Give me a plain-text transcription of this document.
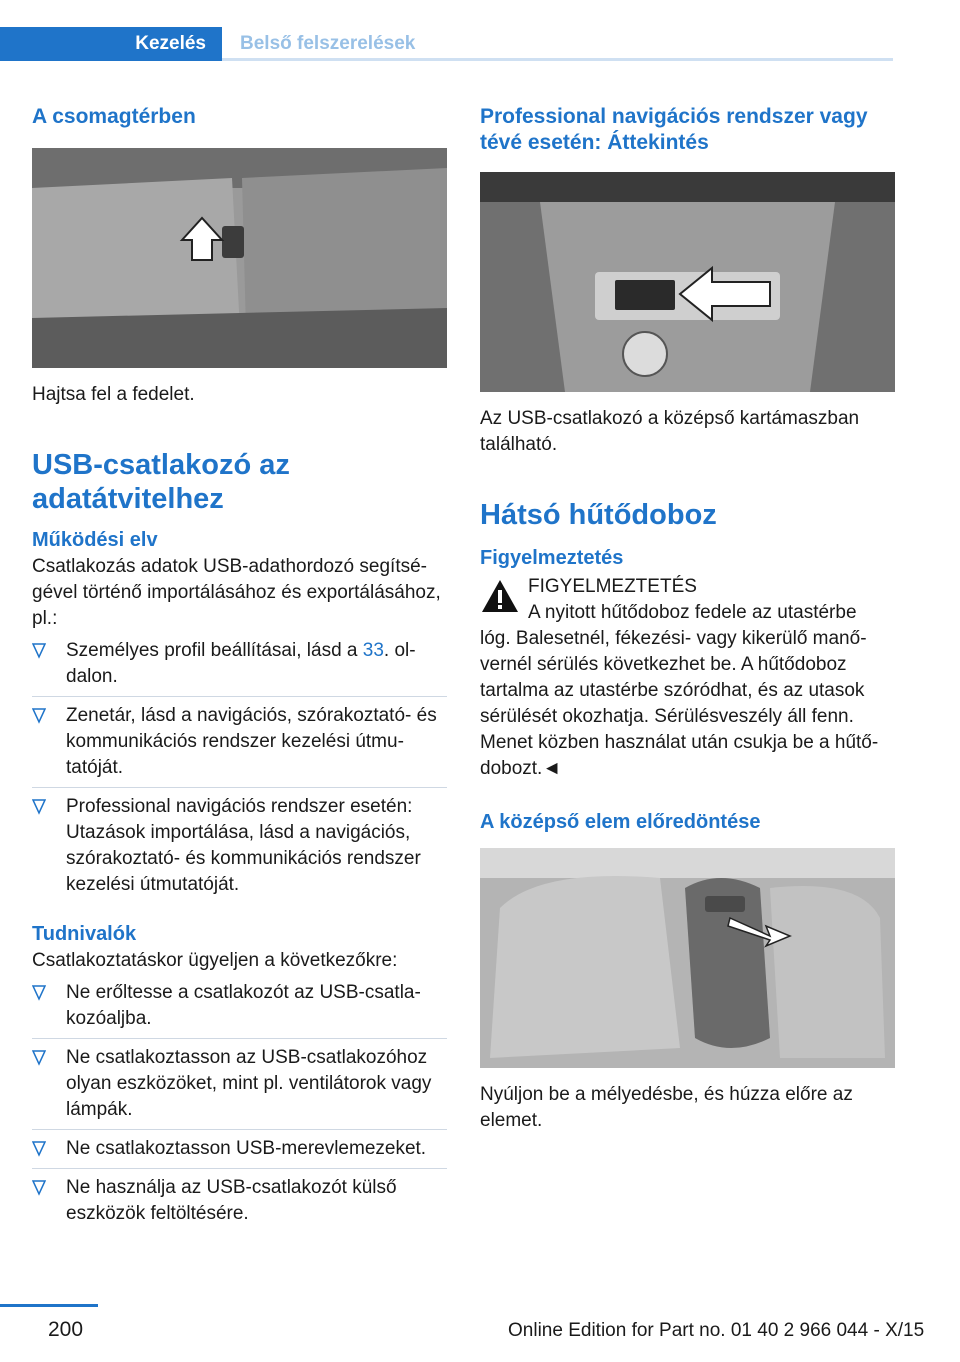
Kezelés	Belső felszerelések
A csomagtérben

Hajtsa fel a fedelet.

USB-csatlakozó az adatátvitelhez
Működési elv

Csatlakozás adatok USB-adathordozó segítségével történő importálásához és exportálásához, pl.:

Személyes profil beállításai, lásd a 33. oldalon.
Zenetár, lásd a navigációs, szórakoztató- és kommunikációs rendszer kezelési útmutatóját.
Professional navigációs rendszer esetén: Utazások importálása, lásd a navigációs, szórakoztató- és kommunikációs rendszer kezelési útmutatóját.
Tudnivalók

Csatlakoztatáskor ügyeljen a következőkre:

Ne erőltesse a csatlakozót az USB-csatlakozóaljba.
Ne csatlakoztasson az USB-csatlakozóhoz olyan eszközöket, mint pl. ventilátorok vagy lámpák.
Ne csatlakoztasson USB-merevlemezeket.
Ne használja az USB-csatlakozót külső eszközök feltöltésére.
Professional navigációs rendszer vagy tévé esetén: Áttekintés

Az USB-csatlakozó a középső kartámaszban található.

Hátsó hűtődoboz
Figyelmeztetés

FIGYELMEZTETÉS

A nyitott hűtődoboz fedele az utastérbe

lóg. Balesetnél, fékezési- vagy kikerülő manővernél sérülés következhet be. A hűtődoboz tartalma az utastérbe szóródhat, és az utasok sérülését okozhatja. Sérülésveszély áll fenn. Menet közben használat után csukja be a hűtődobozt.◄

A középső elem előredöntése

Nyúljon be a mélyedésbe, és húzza előre az elemet.

200	Online Edition for Part no. 01 40 2 966 044 - X/15
